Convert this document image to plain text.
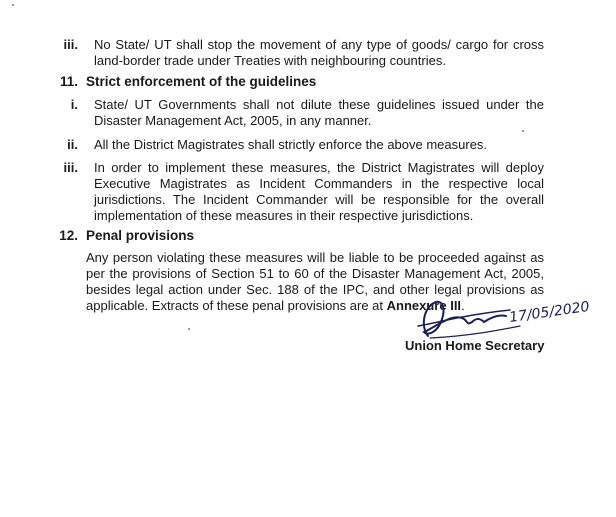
iii. No State/ UT shall stop the movement of any type of goods/ cargo for cross
land-border trade under Treaties with neighbouring countries.
11. Strict enforcement of the guidelines
i. State/ UT Governments shall not dilute these guidelines issued under the
Disaster Management Act, 2005, in any manner.
ii. All the District Magistrates shall strictly enforce the above measures.
iii. In order to implement these measures, the District Magistrates will deploy
Executive Magistrates as Incident Commanders in the respective local
jurisdictions. The Incident Commander will be responsible for the overall
implementation of these measures in their respective jurisdictions.
12. Penal provisions
Any person violating these measures will be liable to be proceeded against as
per the provisions of Section 51 to 60 of the Disaster Management Act, 2005,
besides legal action under Sec. 188 of the IPC, and other legal provisions as
applicable. Extracts of these penal provisions are at Annexure III.	17/05/2020
Union Home Secretary
